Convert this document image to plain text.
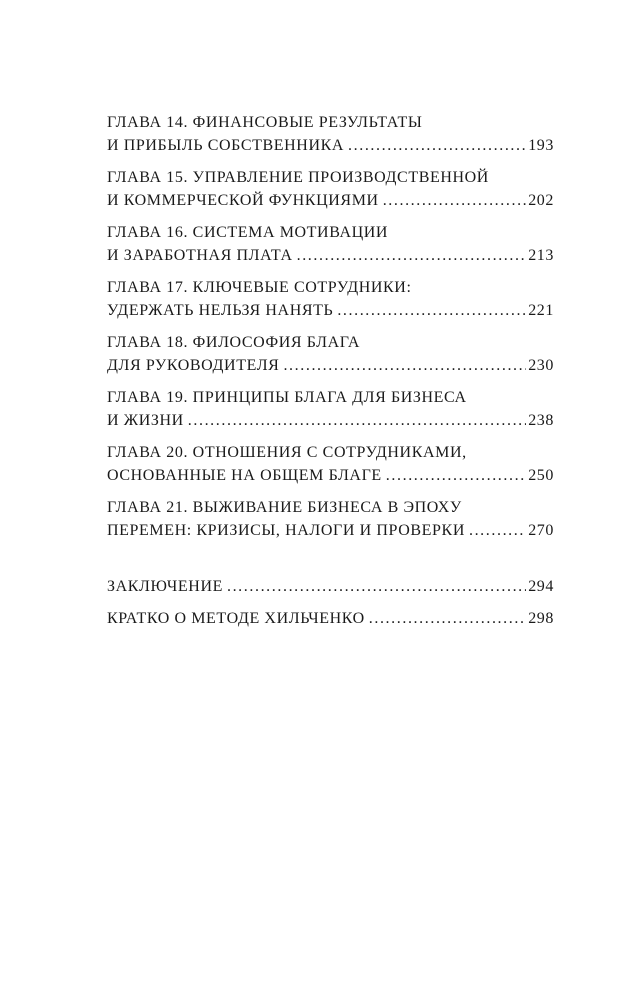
ГЛАВА 14. ФИНАНСОВЫЕ РЕЗУЛЬТАТЫ
И ПРИБЫЛЬ СОБСТВЕННИКА .....	193
ГЛАВА 15. УПРАВЛЕНИЕ ПРОИЗВОДСТВЕННОЙ
И КОММЕРЧЕСКОЙ ФУНКЦИЯМИ .....	202
ГЛАВА 16. СИСТЕМА МОТИВАЦИИ
И ЗАРАБОТНАЯ ПЛАТА .....	213
ГЛАВА 17. КЛЮЧЕВЫЕ СОТРУДНИКИ:
УДЕРЖАТЬ НЕЛЬЗЯ НАНЯТЬ .....	221
ГЛАВА 18. ФИЛОСОФИЯ БЛАГА
ДЛЯ РУКОВОДИТЕЛЯ .....	230
ГЛАВА 19. ПРИНЦИПЫ БЛАГА ДЛЯ БИЗНЕСА
И ЖИЗНИ .....	238
ГЛАВА 20. ОТНОШЕНИЯ С СОТРУДНИКАМИ,
ОСНОВАННЫЕ НА ОБЩЕМ БЛАГЕ .....	250
ГЛАВА 21. ВЫЖИВАНИЕ БИЗНЕСА В ЭПОХУ
ПЕРЕМЕН: КРИЗИСЫ, НАЛОГИ И ПРОВЕРКИ .....	270
ЗАКЛЮЧЕНИЕ .....	294
КРАТКО О МЕТОДЕ ХИЛЬЧЕНКО .....	298
